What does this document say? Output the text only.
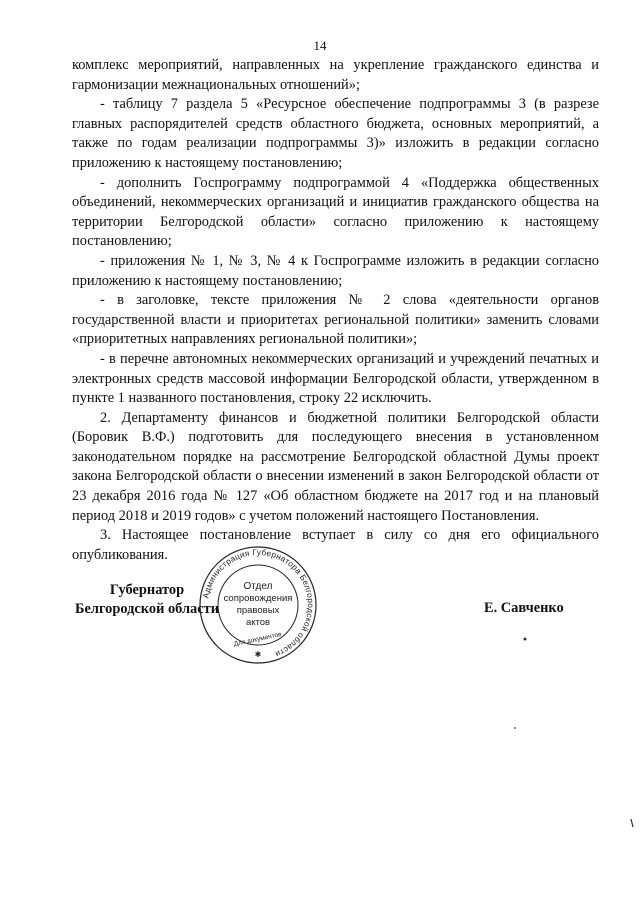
14

комплекс мероприятий, направленных на укрепление гражданского единства и гармонизации межнациональных отношений»;

- таблицу 7 раздела 5 «Ресурсное обеспечение подпрограммы 3 (в разрезе главных распорядителей средств областного бюджета, основных мероприятий, а также по годам реализации подпрограммы 3)» изложить в редакции согласно приложению к настоящему постановлению;

- дополнить Госпрограмму подпрограммой 4 «Поддержка общественных объединений, некоммерческих организаций и инициатив гражданского общества на территории Белгородской области» согласно приложению к настоящему постановлению;

- приложения № 1, № 3, № 4 к Госпрограмме изложить в редакции согласно приложению к настоящему постановлению;

- в заголовке, тексте приложения № 2 слова «деятельности органов государственной власти и приоритетах региональной политики» заменить словами «приоритетных направлениях региональной политики»;

- в перечне автономных некоммерческих организаций и учреждений печатных и электронных средств массовой информации Белгородской области, утвержденном в пункте 1 названного постановления, строку 22 исключить.

2. Департаменту финансов и бюджетной политики Белгородской области (Боровик В.Ф.) подготовить для последующего внесения в установленном законодательном порядке на рассмотрение Белгородской областной Думы проект закона Белгородской области о внесении изменений в закон Белгородской области от 23 декабря 2016 года № 127 «Об областном бюджете на 2017 год и на плановый период 2018 и 2019 годов» с учетом положений настоящего Постановления.

3. Настоящее постановление вступает в силу со дня его официального опубликования.

Губернатор
Белгородской области
Администрация Губернатора Белгородской области
Отдел
сопровождения
правовых
актов
Для документов
✱
Е. Савченко
